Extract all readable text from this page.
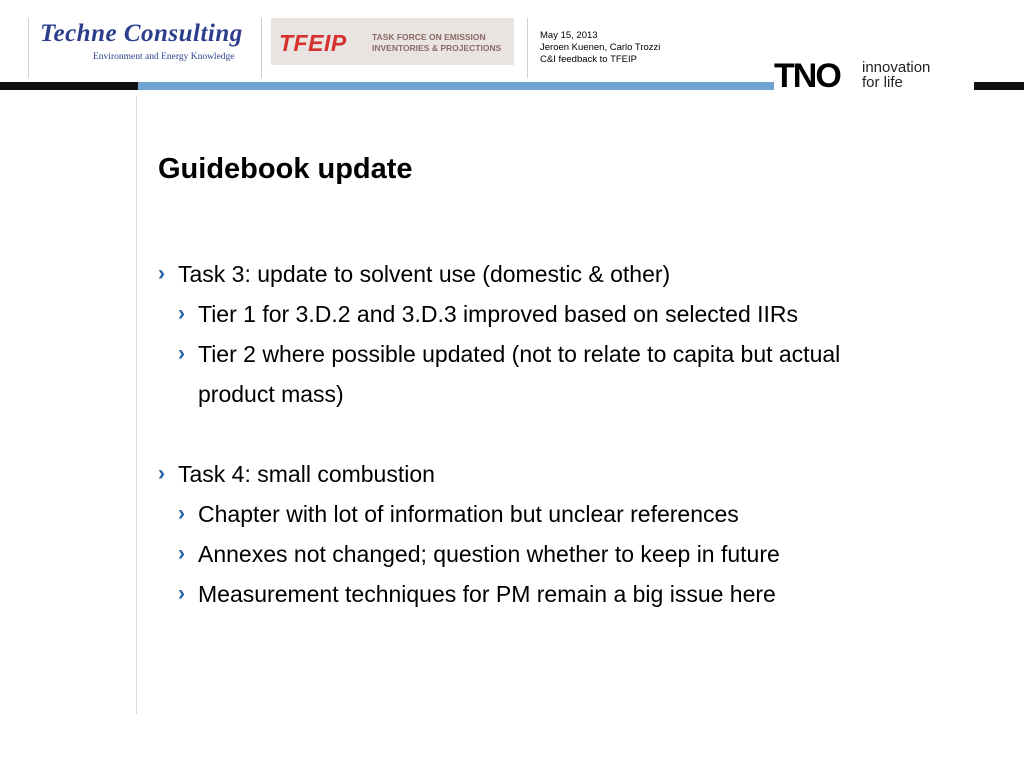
Techne Consulting
Environment and Energy Knowledge
TFEIP	TASK FORCE ON EMISSION
INVENTORIES & PROJECTIONS
May 15, 2013
Jeroen Kuenen, Carlo Trozzi
C&I feedback to TFEIP	TNO innovation
for life
Guidebook update
› Task 3: update to solvent use (domestic & other)
› Tier 1 for 3.D.2 and 3.D.3 improved based on selected IIRs
› Tier 2 where possible updated (not to relate to capita but actual
product mass)
› Task 4: small combustion
› Chapter with lot of information but unclear references
› Annexes not changed; question whether to keep in future
› Measurement techniques for PM remain a big issue here
